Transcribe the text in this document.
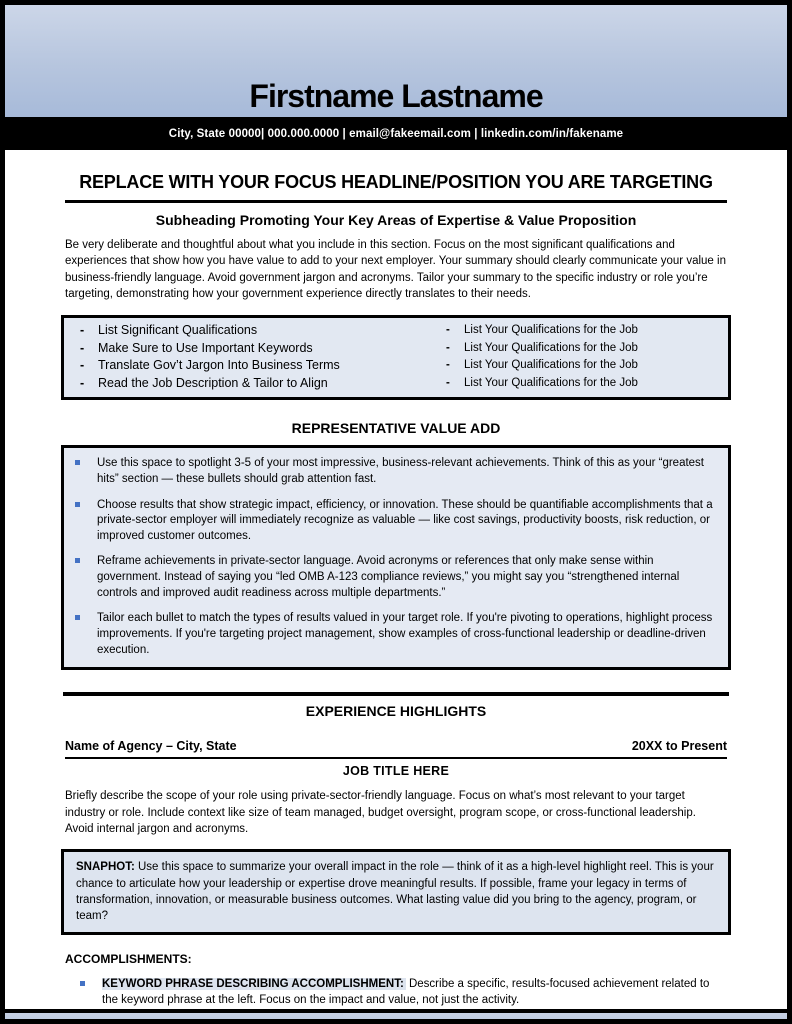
Firstname Lastname
City, State 00000| 000.000.0000 | email@fakeemail.com | linkedin.com/in/fakename
REPLACE WITH YOUR FOCUS HEADLINE/POSITION YOU ARE TARGETING
Subheading Promoting Your Key Areas of Expertise & Value Proposition

Be very deliberate and thoughtful about what you include in this section. Focus on the most significant qualifications and experiences that show how you have value to add to your next employer. Your summary should clearly communicate your value in business-friendly language. Avoid government jargon and acronyms. Tailor your summary to the specific industry or role you’re targeting, demonstrating how your government experience directly translates to their needs.

-	List Significant Qualifications
-	Make Sure to Use Important Keywords
-	Translate Gov’t Jargon Into Business Terms
-	Read the Job Description & Tailor to Align
-	List Your Qualifications for the Job
-	List Your Qualifications for the Job
-	List Your Qualifications for the Job
-	List Your Qualifications for the Job
REPRESENTATIVE VALUE ADD

Use this space to spotlight 3-5 of your most impressive, business-relevant achievements. Think of this as your “greatest hits” section — these bullets should grab attention fast.

Choose results that show strategic impact, efficiency, or innovation. These should be quantifiable accomplishments that a private-sector employer will immediately recognize as valuable — like cost savings, productivity boosts, risk reduction, or improved customer outcomes.

Reframe achievements in private-sector language. Avoid acronyms or references that only make sense within government. Instead of saying you “led OMB A-123 compliance reviews,” you might say you “strengthened internal controls and improved audit readiness across multiple departments.”

Tailor each bullet to match the types of results valued in your target role. If you're pivoting to operations, highlight process improvements. If you're targeting project management, show examples of cross-functional leadership or deadline-driven execution.

EXPERIENCE HIGHLIGHTS
Name of Agency – City, State	20XX to Present
JOB TITLE HERE

Briefly describe the scope of your role using private-sector-friendly language. Focus on what’s most relevant to your target industry or role. Include context like size of team managed, budget oversight, program scope, or cross-functional leadership. Avoid internal jargon and acronyms.

SNAPHOT: Use this space to summarize your overall impact in the role — think of it as a high-level highlight reel. This is your chance to articulate how your leadership or expertise drove meaningful results. If possible, frame your legacy in terms of transformation, innovation, or measurable business outcomes. What lasting value did you bring to the agency, program, or team?

ACCOMPLISHMENTS:

KEYWORD PHRASE DESCRIBING ACCOMPLISHMENT: Describe a specific, results-focused achievement related to the keyword phrase at the left. Focus on the impact and value, not just the activity.
